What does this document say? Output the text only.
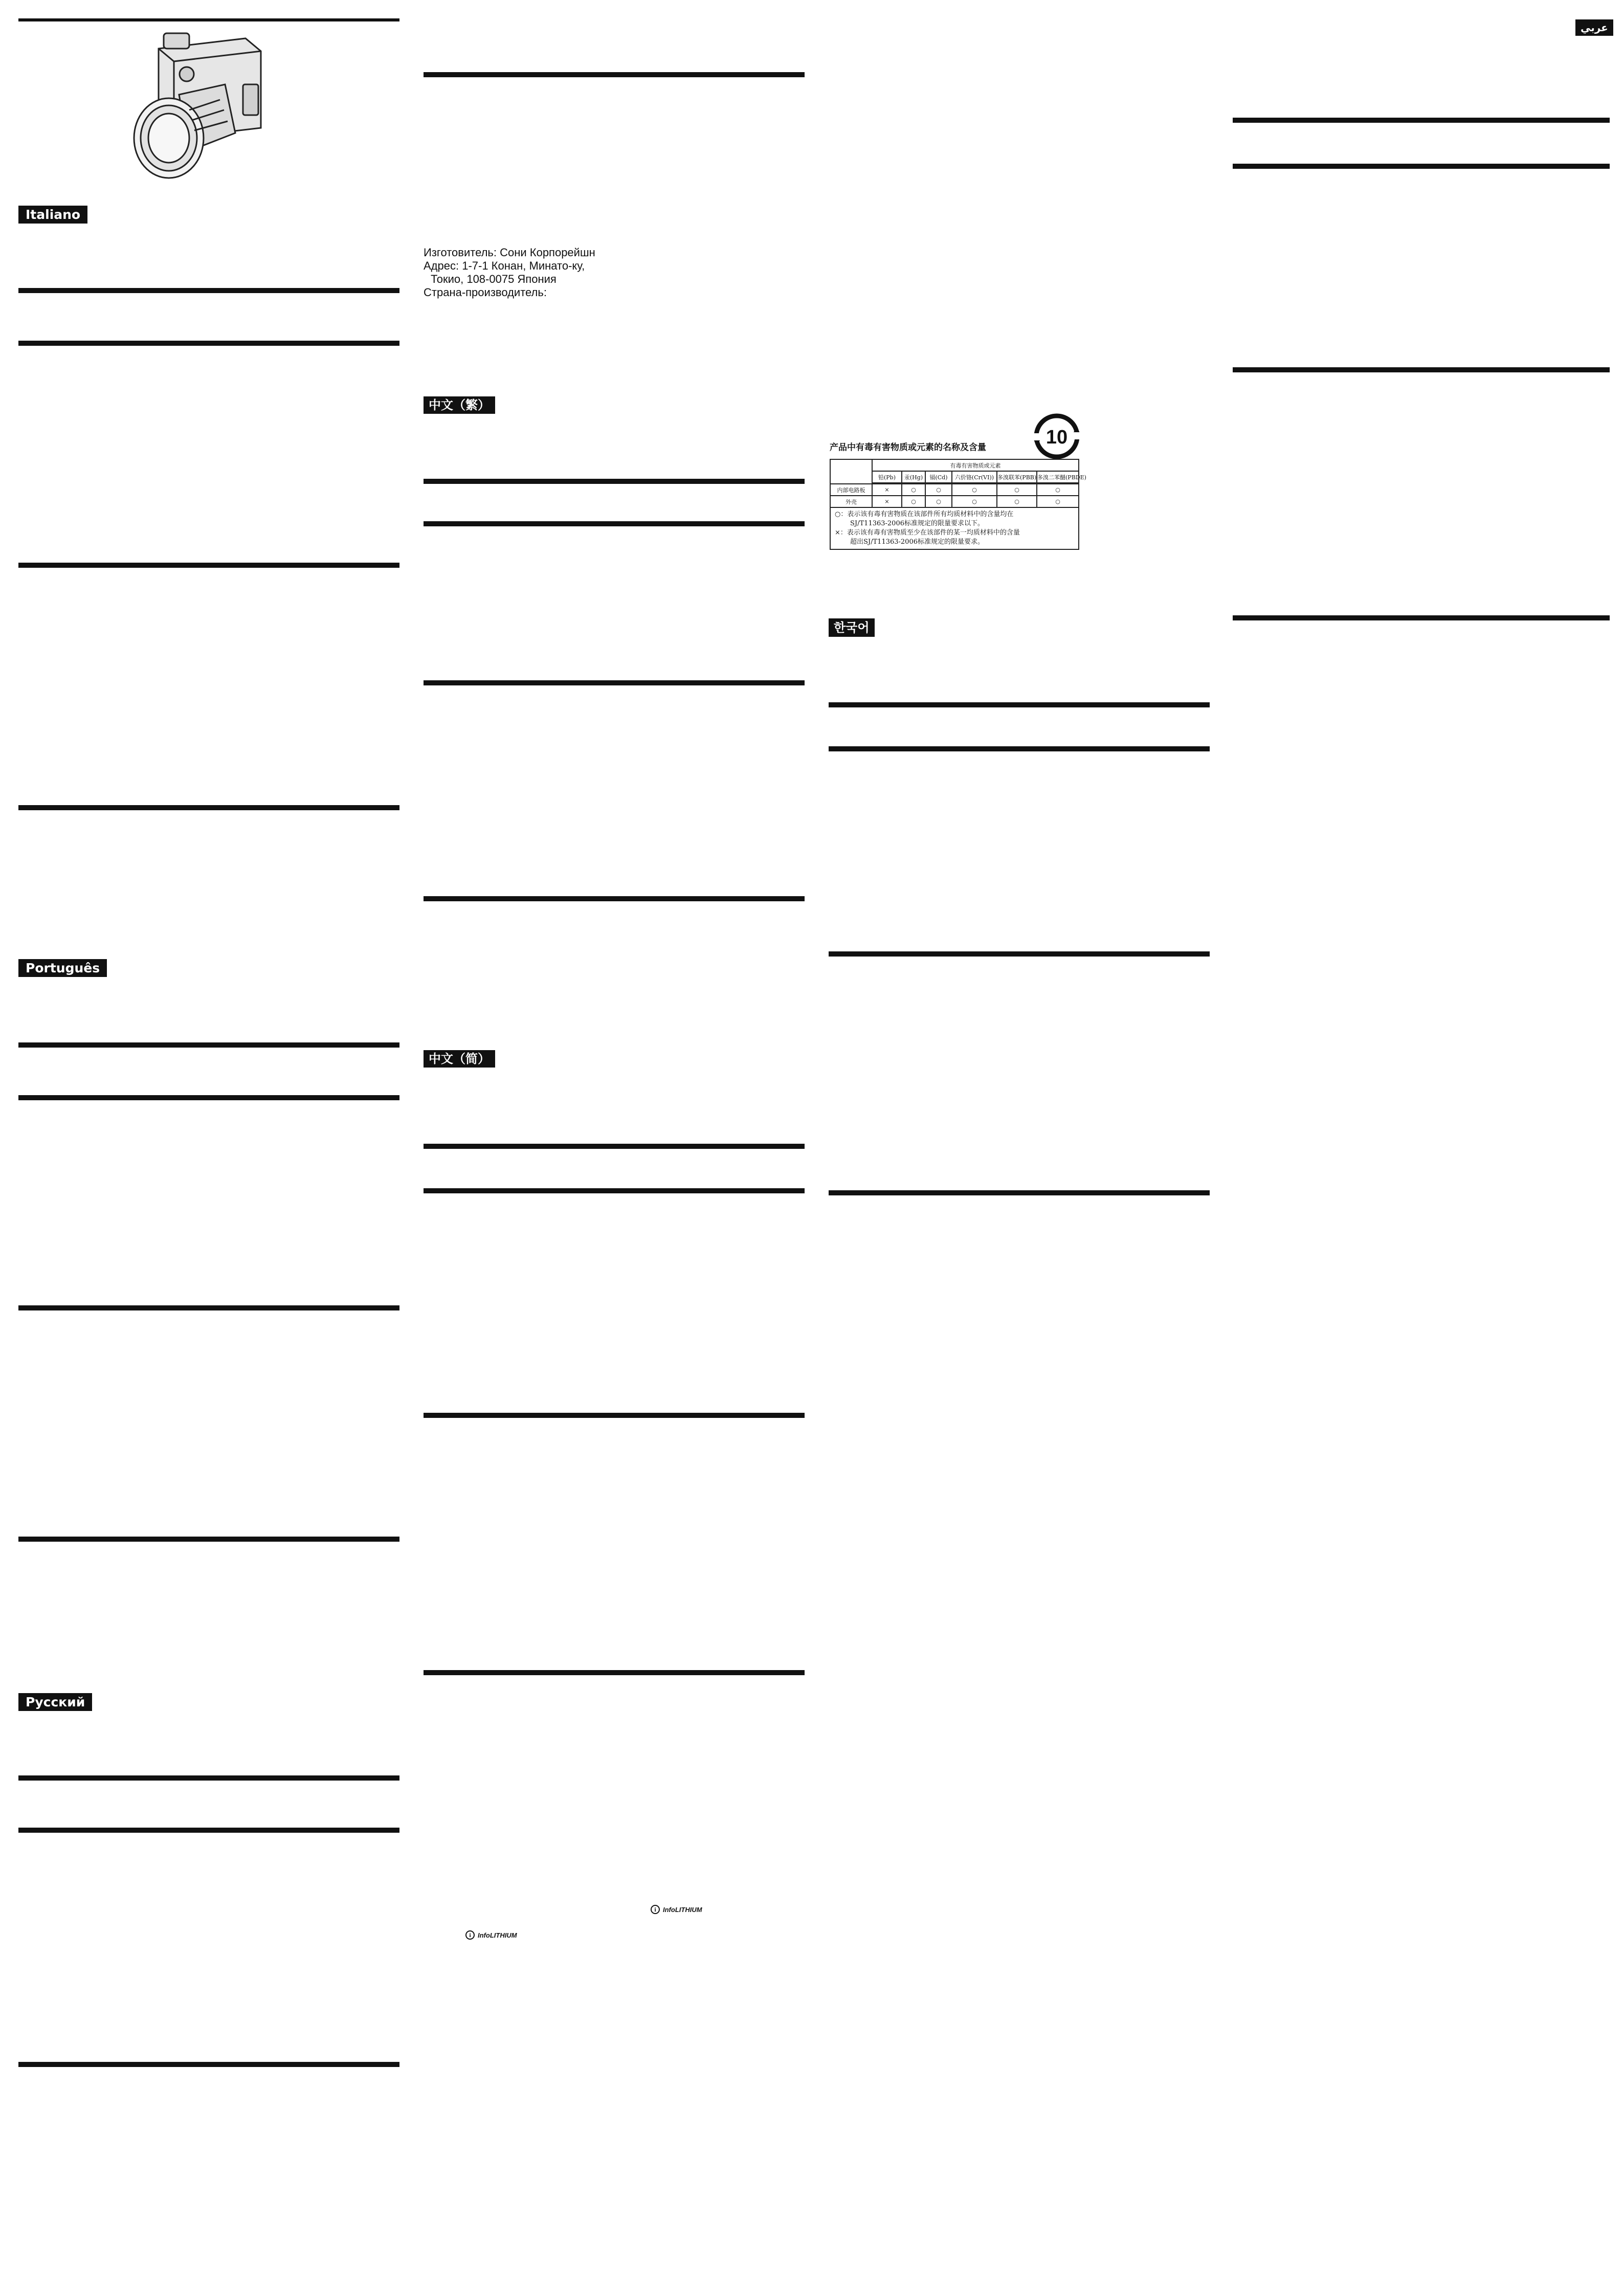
Italiano
Português
Русский
Изготовитель: Сони Корпорейшн
Адрес: 1-7-1 Конан, Минато-ку,
Токио, 108-0075 Япония
Страна-производитель:
中文（繁）
中文（简）
i	InfoLITHIUM
i	InfoLITHIUM
10
产品中有毒有害物质或元素的名称及含量
	有毒有害物质或元素					
	铅(Pb)	汞(Hg)	镉(Cd)	六价铬(Cr(VI))	多溴联苯(PBB)	多溴二苯醚(PBDE)

内部电路板	×	○	○	○	○	○
外壳	×	○	○	○	○	○

○：表示该有毒有害物质在该部件所有均质材料中的含量均在
SJ/T11363-2006标准规定的限量要求以下。
×：表示该有毒有害物质至少在该部件的某一均质材料中的含量
超出SJ/T11363-2006标准规定的限量要求。						
한국어
عربي
